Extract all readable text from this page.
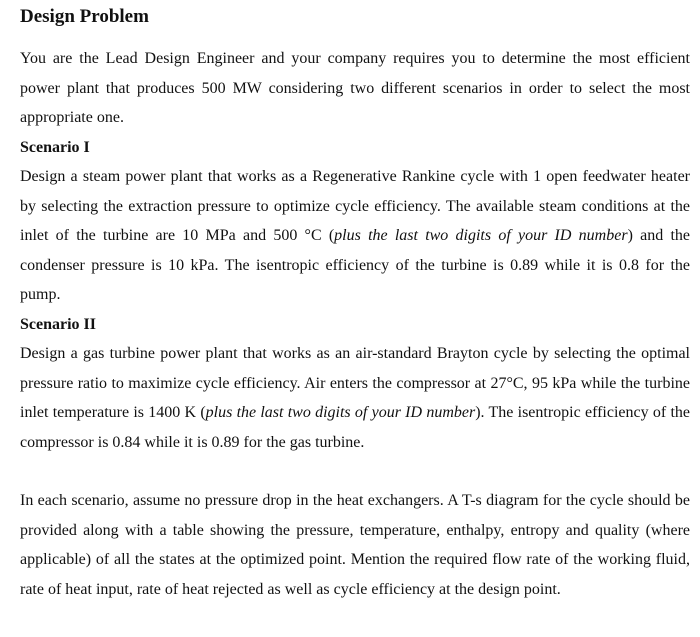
Design Problem

You are the Lead Design Engineer and your company requires you to determine the most efficient power plant that produces 500 MW considering two different scenarios in order to select the most appropriate one.

Scenario I

Design a steam power plant that works as a Regenerative Rankine cycle with 1 open feedwater heater by selecting the extraction pressure to optimize cycle efficiency. The available steam conditions at the inlet of the turbine are 10 MPa and 500 °C (plus the last two digits of your ID number) and the condenser pressure is 10 kPa. The isentropic efficiency of the turbine is 0.89 while it is 0.8 for the pump.

Scenario II

Design a gas turbine power plant that works as an air-standard Brayton cycle by selecting the optimal pressure ratio to maximize cycle efficiency. Air enters the compressor at 27°C, 95 kPa while the turbine inlet temperature is 1400 K (plus the last two digits of your ID number). The isentropic efficiency of the compressor is 0.84 while it is 0.89 for the gas turbine.

In each scenario, assume no pressure drop in the heat exchangers. A T-s diagram for the cycle should be provided along with a table showing the pressure, temperature, enthalpy, entropy and quality (where applicable) of all the states at the optimized point. Mention the required flow rate of the working fluid, rate of heat input, rate of heat rejected as well as cycle efficiency at the design point.
